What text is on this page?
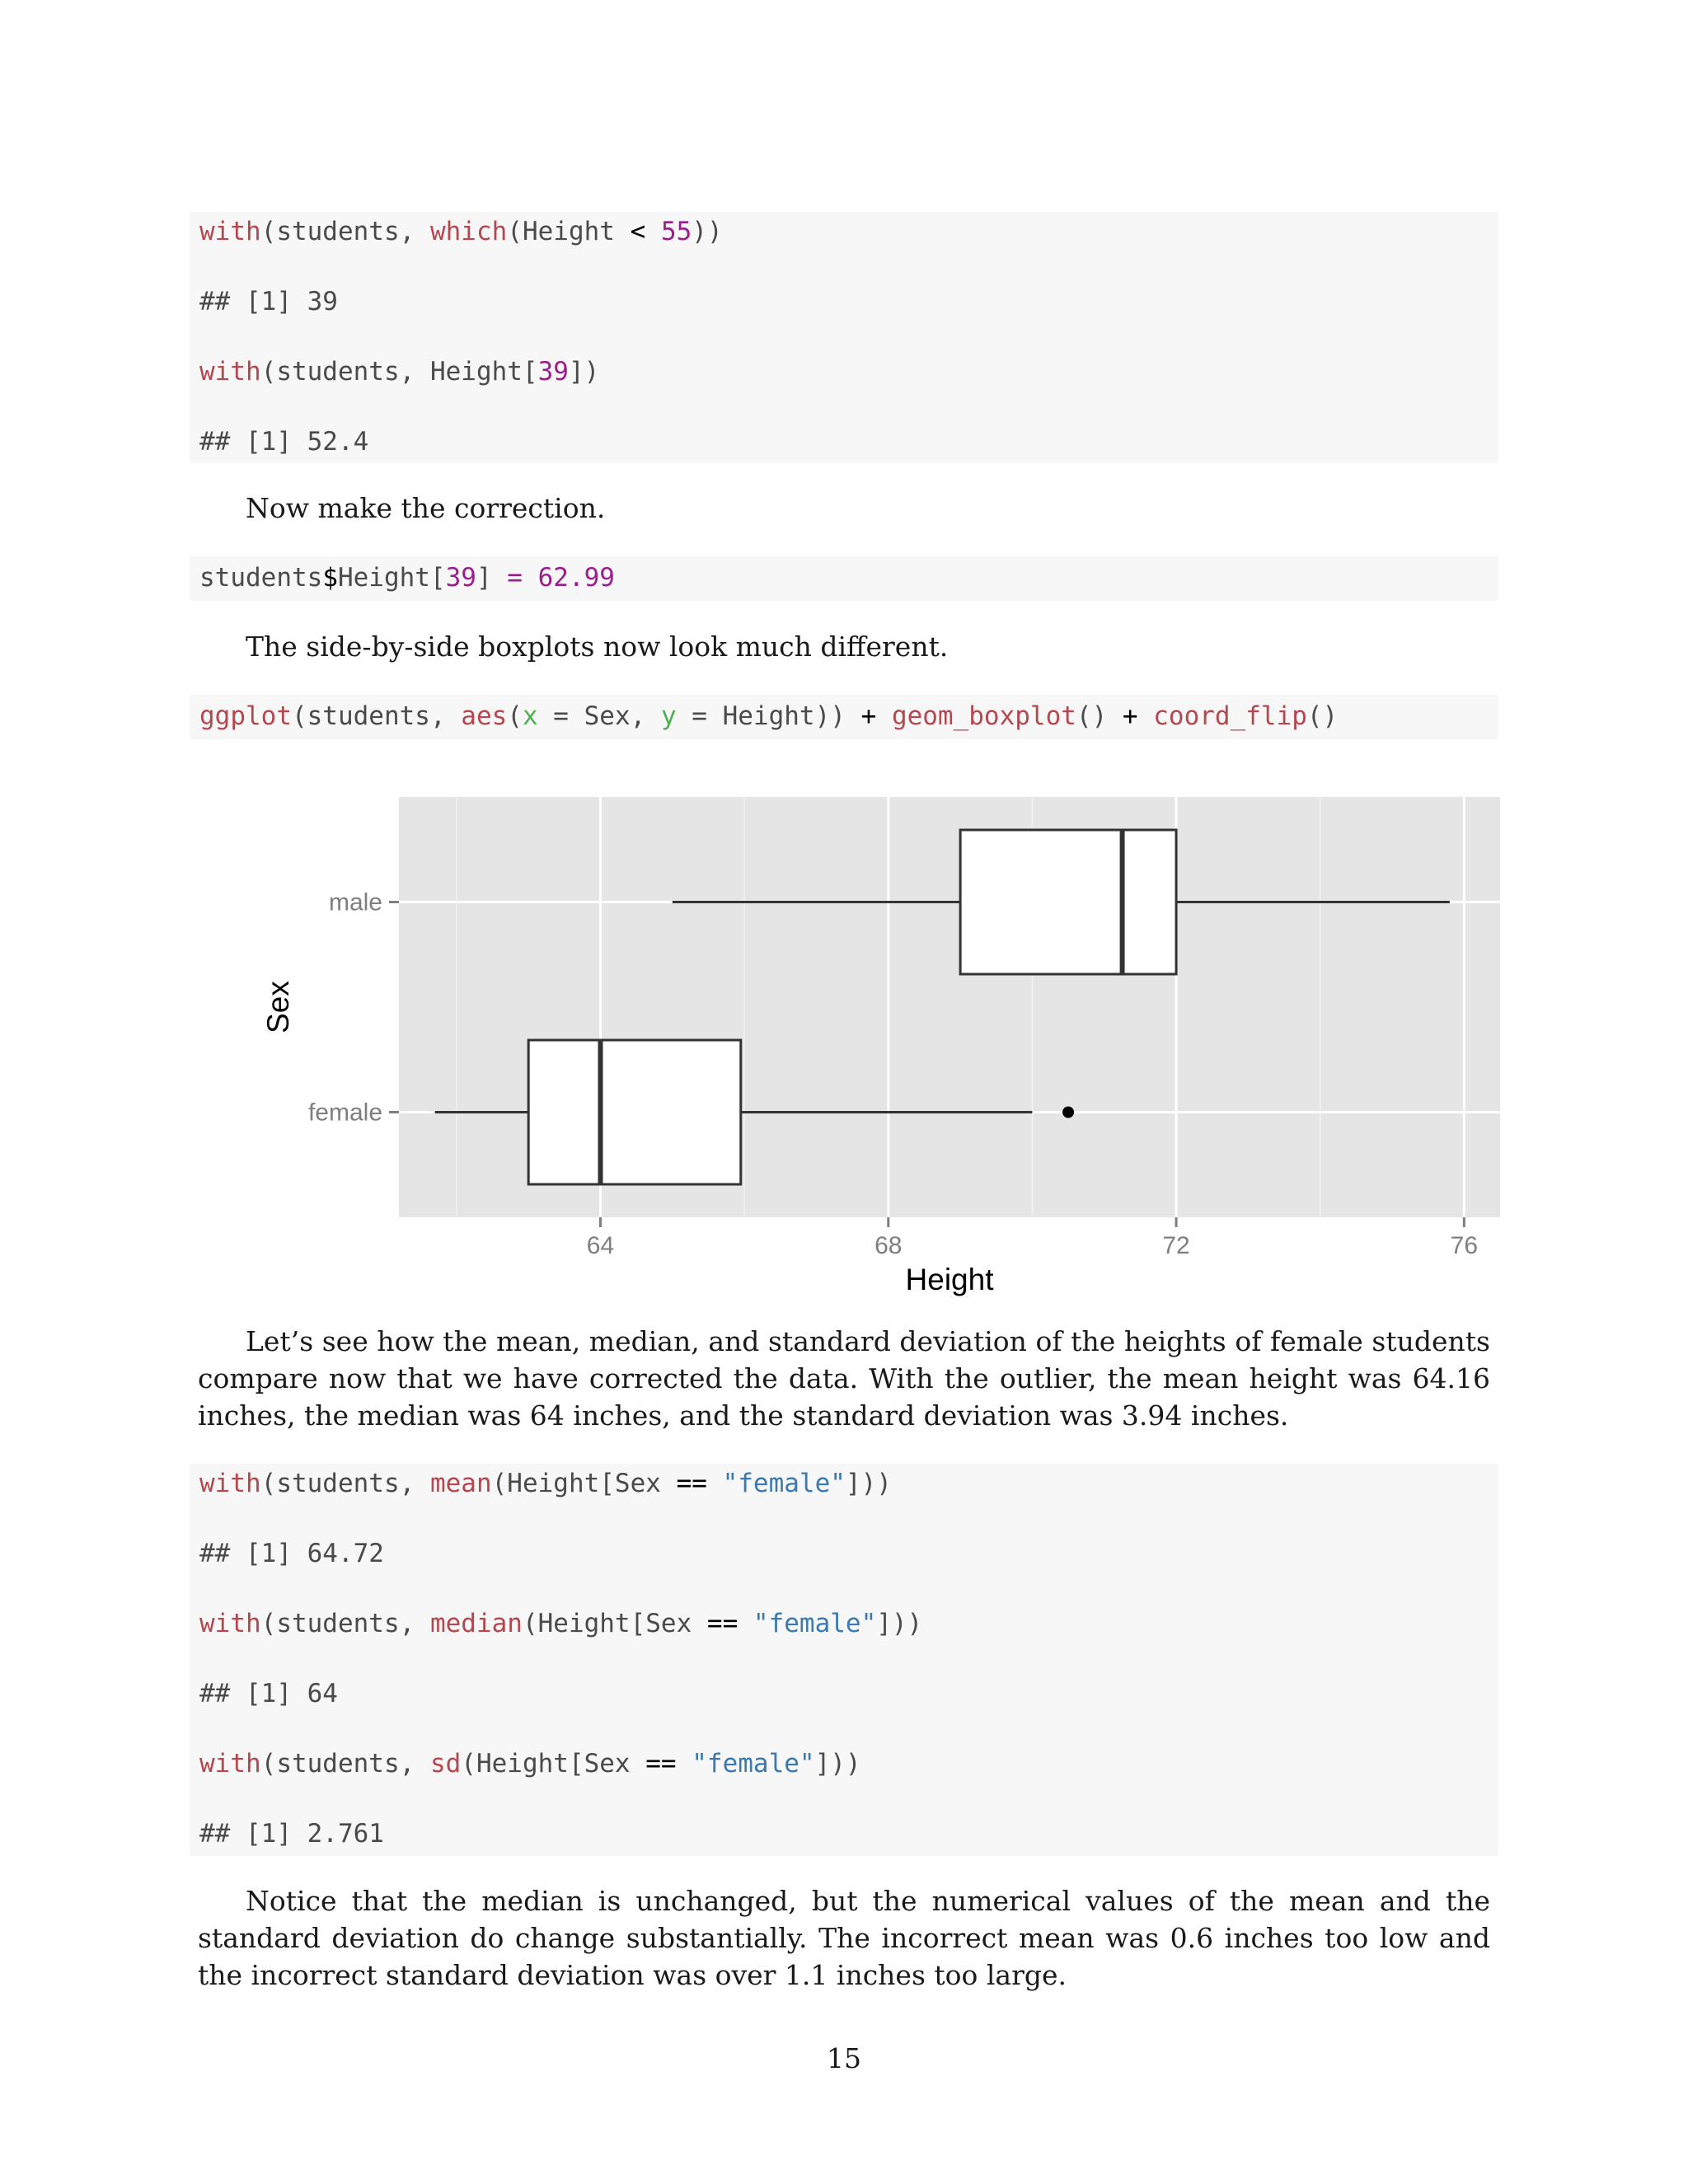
with(students, which(Height < 55))
## [1] 39
with(students, Height[39])
## [1] 52.4
Now make the correction.
students$Height[39] = 62.99
The side-by-side boxplots now look much different.
ggplot(students, aes(x = Sex, y = Height)) + geom_boxplot() + coord_flip()
male
female
64	68	72	76
Height
Sex
Let’s see how the mean, median, and standard deviation of the heights of female students compare now that we have corrected the data. With the outlier, the mean height was 64.16 inches, the median was 64 inches, and the standard deviation was 3.94 inches.
with(students, mean(Height[Sex == "female"]))
## [1] 64.72
with(students, median(Height[Sex == "female"]))
## [1] 64
with(students, sd(Height[Sex == "female"]))
## [1] 2.761
Notice that the median is unchanged, but the numerical values of the mean and the standard deviation do change substantially. The incorrect mean was 0.6 inches too low and the incorrect standard deviation was over 1.1 inches too large.
15
